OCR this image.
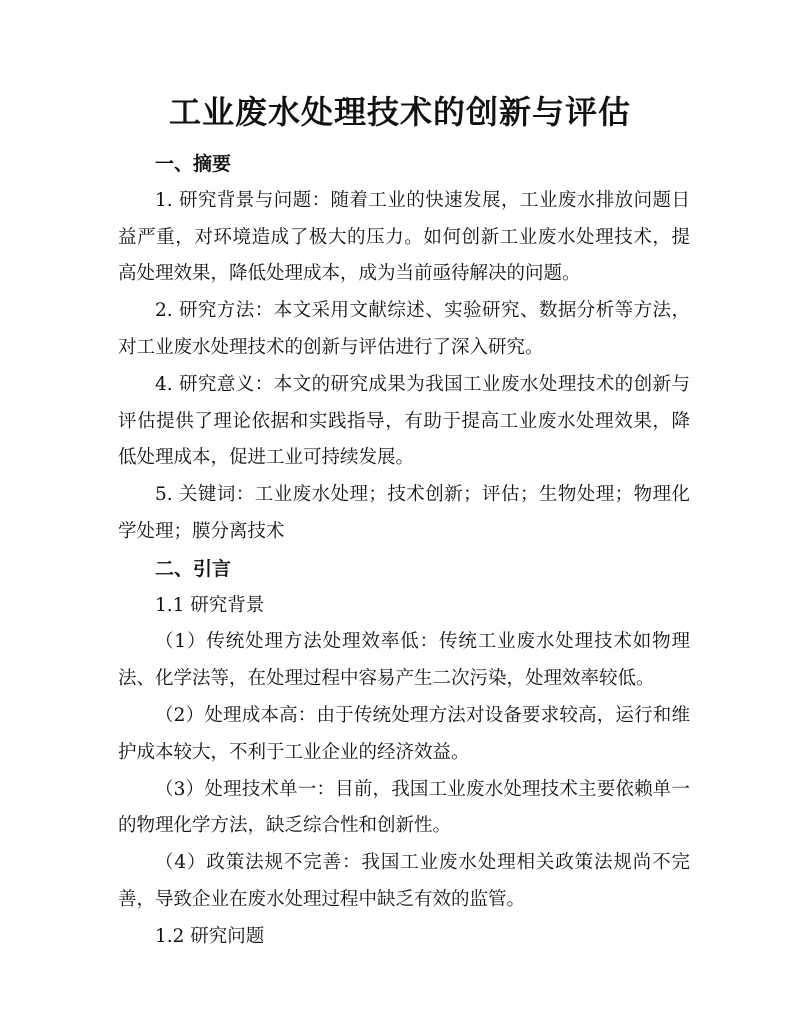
工业废水处理技术的创新与评估

一、摘要

1. 研究背景与问题：随着工业的快速发展，工业废水排放问题日益严重，对环境造成了极大的压力。如何创新工业废水处理技术，提高处理效果，降低处理成本，成为当前亟待解决的问题。

2. 研究方法：本文采用文献综述、实验研究、数据分析等方法，对工业废水处理技术的创新与评估进行了深入研究。

4. 研究意义：本文的研究成果为我国工业废水处理技术的创新与评估提供了理论依据和实践指导，有助于提高工业废水处理效果，降低处理成本，促进工业可持续发展。

5. 关键词：工业废水处理；技术创新；评估；生物处理；物理化学处理；膜分离技术

二、引言

1.1 研究背景

（1）传统处理方法处理效率低：传统工业废水处理技术如物理法、化学法等，在处理过程中容易产生二次污染，处理效率较低。

（2）处理成本高：由于传统处理方法对设备要求较高，运行和维护成本较大，不利于工业企业的经济效益。

（3）处理技术单一：目前，我国工业废水处理技术主要依赖单一的物理化学方法，缺乏综合性和创新性。

（4）政策法规不完善：我国工业废水处理相关政策法规尚不完善，导致企业在废水处理过程中缺乏有效的监管。

1.2 研究问题
